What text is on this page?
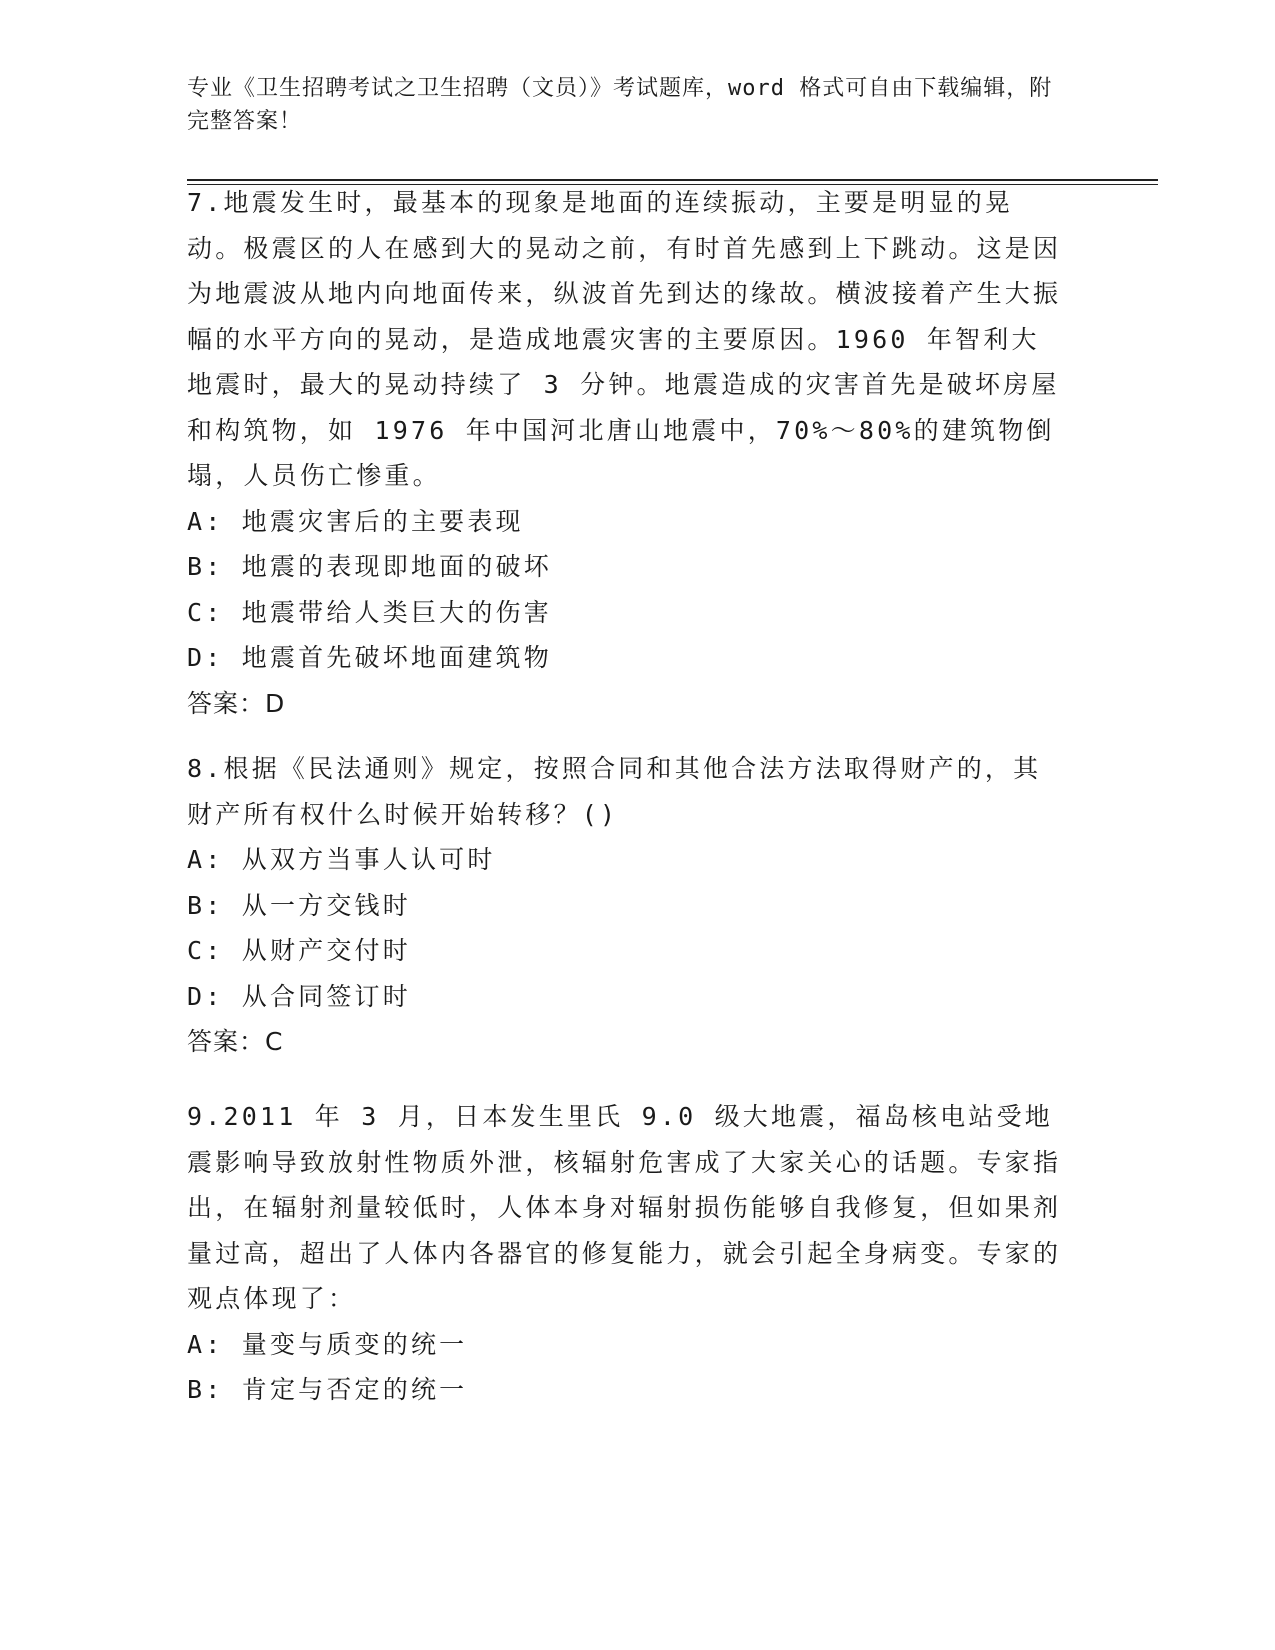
专业《卫生招聘考试之卫生招聘（文员）》考试题库，word 格式可自由下载编辑，附完整答案！

7.地震发生时，最基本的现象是地面的连续振动，主要是明显的晃动。极震区的人在感到大的晃动之前，有时首先感到上下跳动。这是因为地震波从地内向地面传来，纵波首先到达的缘故。横波接着产生大振幅的水平方向的晃动，是造成地震灾害的主要原因。1960 年智利大地震时，最大的晃动持续了 3 分钟。地震造成的灾害首先是破坏房屋和构筑物，如 1976 年中国河北唐山地震中，70%～80%的建筑物倒塌，人员伤亡惨重。

A: 地震灾害后的主要表现

B: 地震的表现即地面的破坏

C: 地震带给人类巨大的伤害

D: 地震首先破坏地面建筑物

答案：D

8.根据《民法通则》规定，按照合同和其他合法方法取得财产的，其财产所有权什么时候开始转移？()

A: 从双方当事人认可时

B: 从一方交钱时

C: 从财产交付时

D: 从合同签订时

答案：C

9.2011 年 3 月，日本发生里氏 9.0 级大地震，福岛核电站受地震影响导致放射性物质外泄，核辐射危害成了大家关心的话题。专家指出，在辐射剂量较低时，人体本身对辐射损伤能够自我修复，但如果剂量过高，超出了人体内各器官的修复能力，就会引起全身病变。专家的观点体现了：

A: 量变与质变的统一

B: 肯定与否定的统一
